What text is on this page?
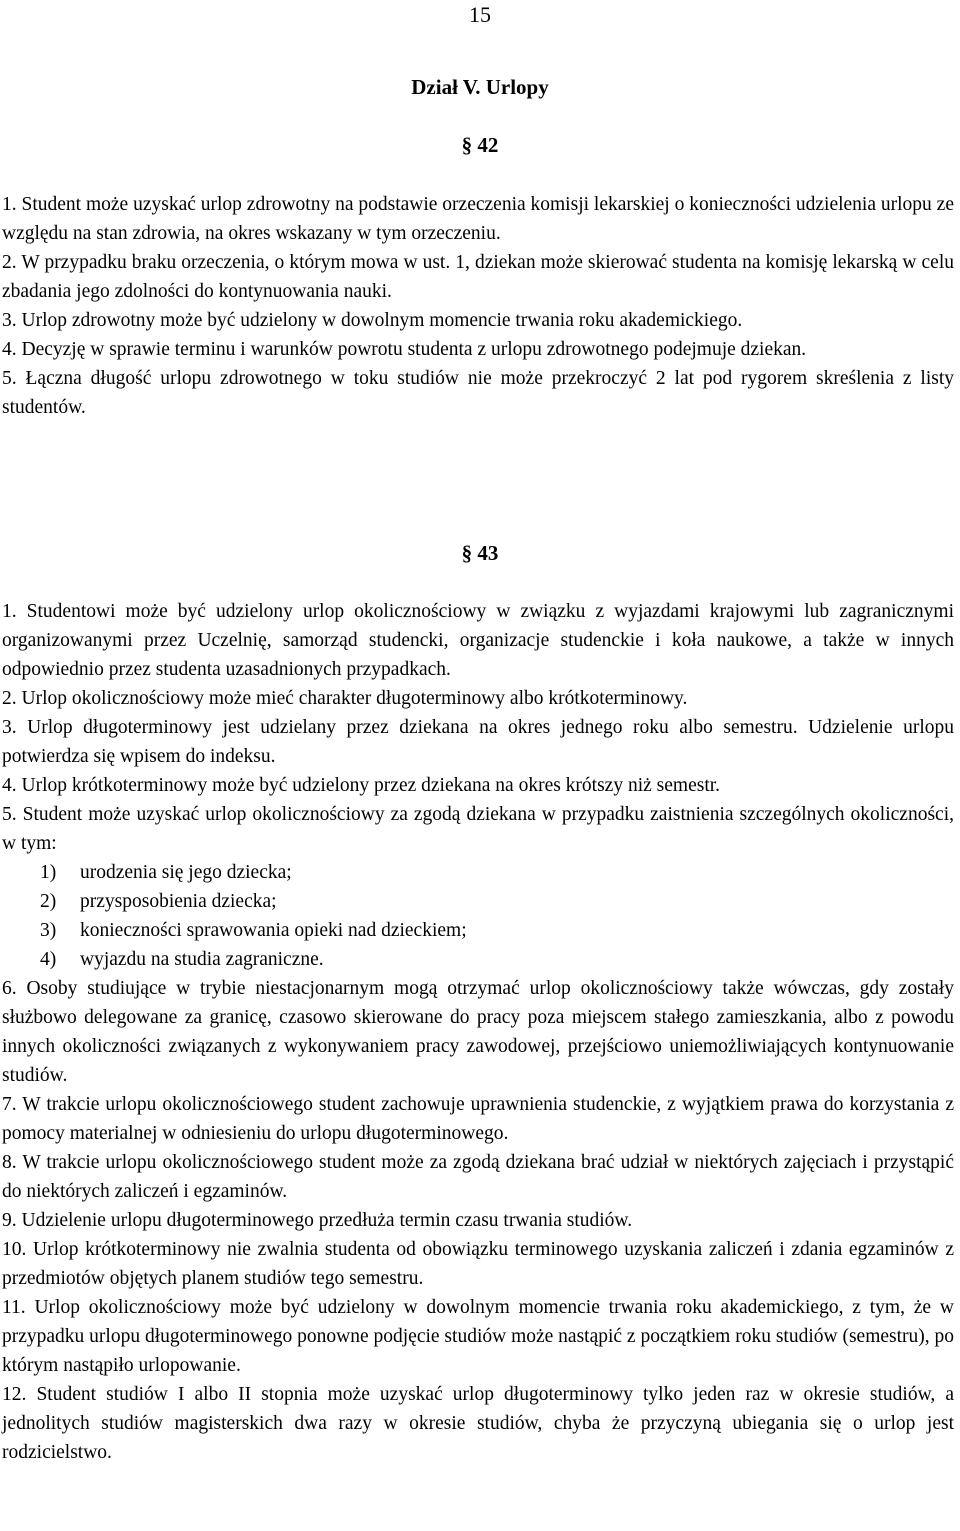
15
Dział V. Urlopy
§ 42

1. Student może uzyskać urlop zdrowotny na podstawie orzeczenia komisji lekarskiej o konieczności udzielenia urlopu ze względu na stan zdrowia, na okres wskazany w tym orzeczeniu.

2. W przypadku braku orzeczenia, o którym mowa w ust. 1, dziekan może skierować studenta na komisję lekarską w celu zbadania jego zdolności do kontynuowania nauki.

3. Urlop zdrowotny może być udzielony w dowolnym momencie trwania roku akademickiego.

4. Decyzję w sprawie terminu i warunków powrotu studenta z urlopu zdrowotnego podejmuje dziekan.

5. Łączna długość urlopu zdrowotnego w toku studiów nie może przekroczyć 2 lat pod rygorem skreślenia z listy studentów.

§ 43

1. Studentowi może być udzielony urlop okolicznościowy w związku z wyjazdami krajowymi lub zagranicznymi organizowanymi przez Uczelnię, samorząd studencki, organizacje studenckie i koła naukowe, a także w innych odpowiednio przez studenta uzasadnionych przypadkach.

2. Urlop okolicznościowy może mieć charakter długoterminowy albo krótkoterminowy.

3. Urlop długoterminowy jest udzielany przez dziekana na okres jednego roku albo semestru. Udzielenie urlopu potwierdza się wpisem do indeksu.

4. Urlop krótkoterminowy może być udzielony przez dziekana na okres krótszy niż semestr.

5. Student może uzyskać urlop okolicznościowy za zgodą dziekana w przypadku zaistnienia szczególnych okoliczności, w tym:

1) urodzenia się jego dziecka;

2) przysposobienia dziecka;

3) konieczności sprawowania opieki nad dzieckiem;

4) wyjazdu na studia zagraniczne.

6. Osoby studiujące w trybie niestacjonarnym mogą otrzymać urlop okolicznościowy także wówczas, gdy zostały służbowo delegowane za granicę, czasowo skierowane do pracy poza miejscem stałego zamieszkania, albo z powodu innych okoliczności związanych z wykonywaniem pracy zawodowej, przejściowo uniemożliwiających kontynuowanie studiów.

7. W trakcie urlopu okolicznościowego student zachowuje uprawnienia studenckie, z wyjątkiem prawa do korzystania z pomocy materialnej w odniesieniu do urlopu długoterminowego.

8. W trakcie urlopu okolicznościowego student może za zgodą dziekana brać udział w niektórych zajęciach i przystąpić do niektórych zaliczeń i egzaminów.

9. Udzielenie urlopu długoterminowego przedłuża termin czasu trwania studiów.

10. Urlop krótkoterminowy nie zwalnia studenta od obowiązku terminowego uzyskania zaliczeń i zdania egzaminów z przedmiotów objętych planem studiów tego semestru.

11. Urlop okolicznościowy może być udzielony w dowolnym momencie trwania roku akademickiego, z tym, że w przypadku urlopu długoterminowego ponowne podjęcie studiów może nastąpić z początkiem roku studiów (semestru), po którym nastąpiło urlopowanie.

12. Student studiów I albo II stopnia może uzyskać urlop długoterminowy tylko jeden raz w okresie studiów, a jednolitych studiów magisterskich dwa razy w okresie studiów, chyba że przyczyną ubiegania się o urlop jest rodzicielstwo.
